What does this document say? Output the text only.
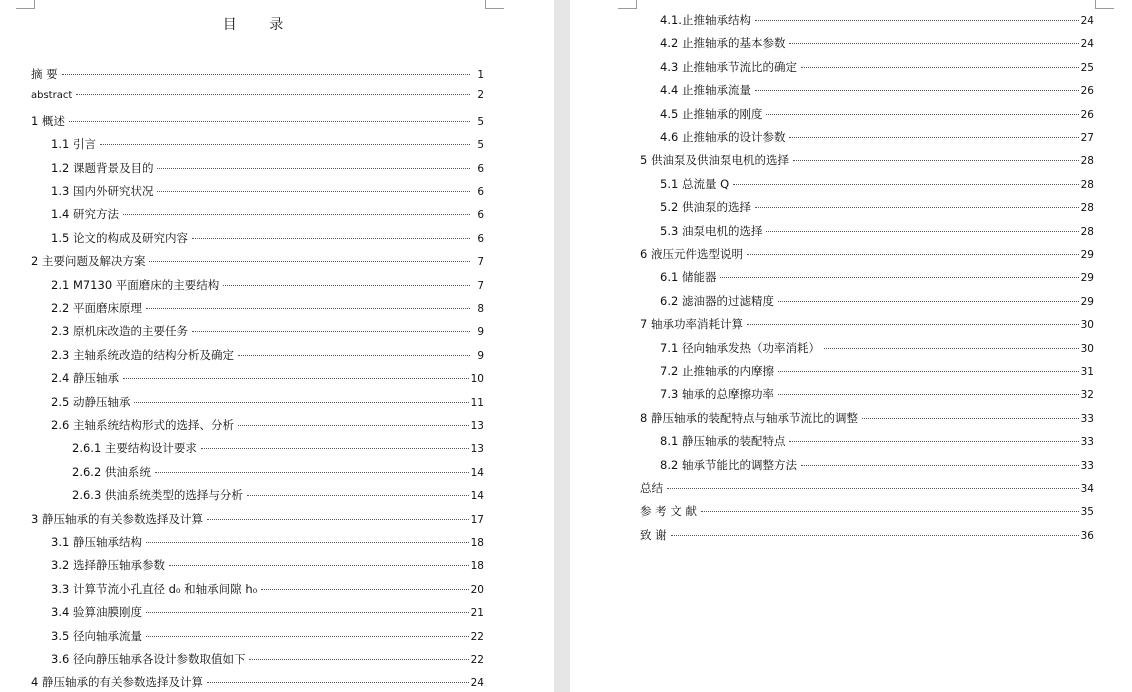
目 录
摘 要	1
abstract	2
1 概述	5
1.1 引言	5
1.2 课题背景及目的	6
1.3 国内外研究状况	6
1.4 研究方法	6
1.5 论文的构成及研究内容	6
2 主要问题及解决方案	7
2.1 M7130 平面磨床的主要结构	7
2.2 平面磨床原理	8
2.3 原机床改造的主要任务	9
2.3 主轴系统改造的结构分析及确定	9
2.4 静压轴承	10
2.5 动静压轴承	11
2.6 主轴系统结构形式的选择、分析	13
2.6.1 主要结构设计要求	13
2.6.2 供油系统	14
2.6.3 供油系统类型的选择与分析	14
3 静压轴承的有关参数选择及计算	17
3.1 静压轴承结构	18
3.2 选择静压轴承参数	18
3.3 计算节流小孔直径 d₀ 和轴承间隙 h₀	20
3.4 验算油膜刚度	21
3.5 径向轴承流量	22
3.6 径向静压轴承各设计参数取值如下	22
4 静压轴承的有关参数选择及计算	24
4.1.止推轴承结构	24
4.2 止推轴承的基本参数	24
4.3 止推轴承节流比的确定	25
4.4 止推轴承流量	26
4.5 止推轴承的刚度	26
4.6 止推轴承的设计参数	27
5 供油泵及供油泵电机的选择	28
5.1 总流量 Q	28
5.2 供油泵的选择	28
5.3 油泵电机的选择	28
6 液压元件选型说明	29
6.1 储能器	29
6.2 滤油器的过滤精度	29
7 轴承功率消耗计算	30
7.1 径向轴承发热（功率消耗）	30
7.2 止推轴承的内摩擦	31
7.3 轴承的总摩擦功率	32
8 静压轴承的装配特点与轴承节流比的调整	33
8.1 静压轴承的装配特点	33
8.2 轴承节能比的调整方法	33
总结	34
参 考 文 献	35
致 谢	36
